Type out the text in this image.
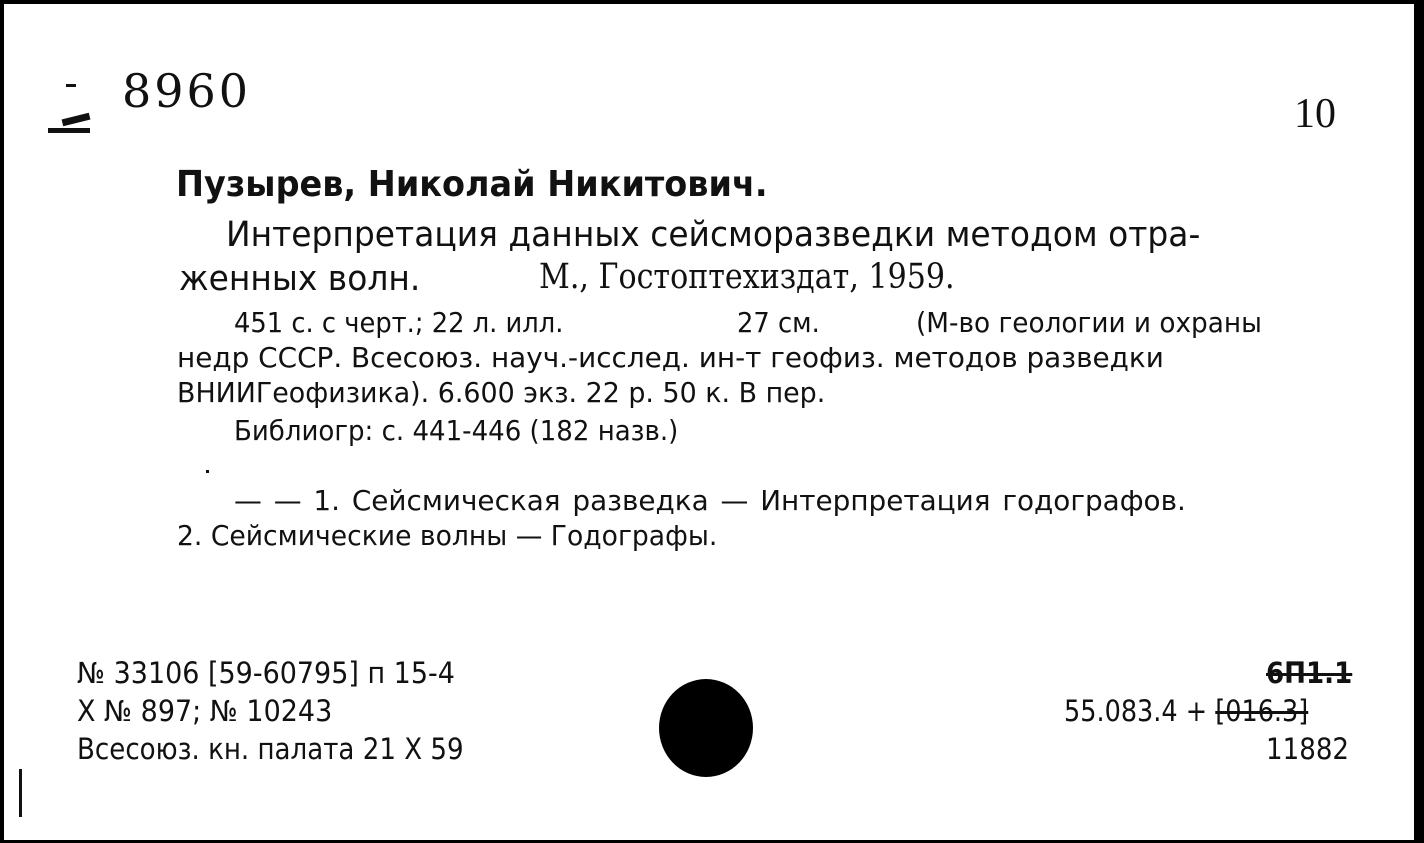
8960	10
Пузырев, Николай Никитович.
Интерпретация данных сейсморазведки методом отра-
женных волн.	М., Гостоптехиздат, 1959.
451 с. с черт.; 22 л. илл.	27 см.	(М-во геологии и охраны
недр СССР. Всесоюз. науч.-исслед. ин-т геофиз. методов разведки
ВНИИГеофизика). 6.600 экз. 22 р. 50 к. В пер.
Библиогр: с. 441-446 (182 назв.)
— — 1. Сейсмическая разведка — Интерпретация годографов.
2. Сейсмические волны — Годографы.
№ 33106 [59-60795] п 15-4
Х № 897; № 10243
Всесоюз. кн. палата 21 Х 59
6П1.1
55.083.4 + [016.3]
11882
